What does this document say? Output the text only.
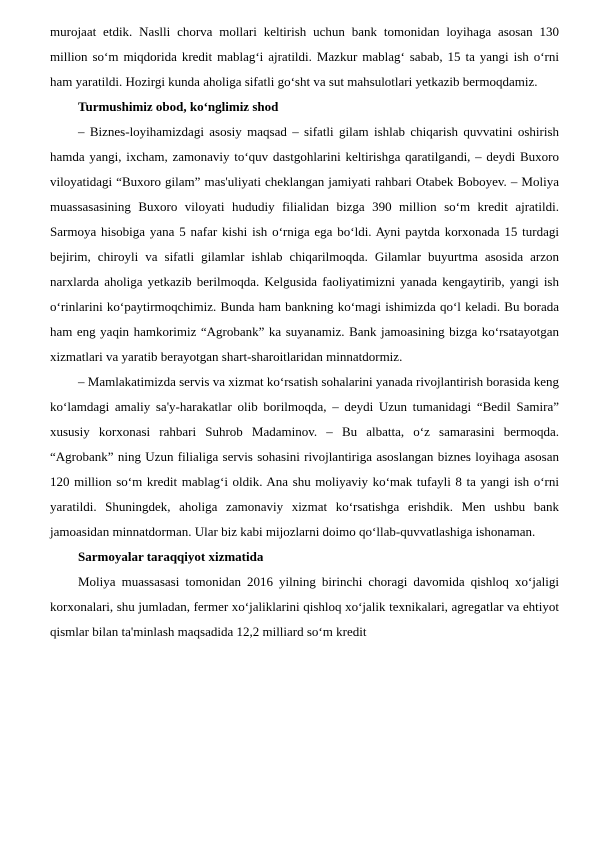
murojaat etdik. Naslli chorva mollari keltirish uchun bank tomonidan loyihaga asosan 130 million so‘m miqdorida kredit mablag‘i ajratildi. Mazkur mablag‘ sabab, 15 ta yangi ish o‘rni ham yaratildi. Hozirgi kunda aholiga sifatli go‘sht va sut mahsulotlari yetkazib bermoqdamiz.

Turmushimiz obod, ko‘nglimiz shod

– Biznes-loyihamizdagi asosiy maqsad – sifatli gilam ishlab chiqarish quvvatini oshirish hamda yangi, ixcham, zamonaviy to‘quv dastgohlarini keltirishga qaratilgandi, – deydi Buxoro viloyatidagi “Buxoro gilam” mas'uliyati cheklangan jamiyati rahbari Otabek Boboyev. – Moliya muassasasining Buxoro viloyati hududiy filialidan bizga 390 million so‘m kredit ajratildi. Sarmoya hisobiga yana 5 nafar kishi ish o‘rniga ega bo‘ldi. Ayni paytda korxonada 15 turdagi bejirim, chiroyli va sifatli gilamlar ishlab chiqarilmoqda. Gilamlar buyurtma asosida arzon narxlarda aholiga yetkazib berilmoqda. Kelgusida faoliyatimizni yanada kengaytirib, yangi ish o‘rinlarini ko‘paytirmoqchimiz. Bunda ham bankning ko‘magi ishimizda qo‘l keladi. Bu borada ham eng yaqin hamkorimiz “Agrobank” ka suyanamiz. Bank jamoasining bizga ko‘rsatayotgan xizmatlari va yaratib berayotgan shart-sharoitlaridan minnatdormiz.

– Mamlakatimizda servis va xizmat ko‘rsatish sohalarini yanada rivojlantirish borasida keng ko‘lamdagi amaliy sa'y-harakatlar olib borilmoqda, – deydi Uzun tumanidagi “Bedil Samira” xususiy korxonasi rahbari Suhrob Madaminov. – Bu albatta, o‘z samarasini bermoqda. “Agrobank” ning Uzun filialiga servis sohasini rivojlantiriga asoslangan biznes loyihaga asosan 120 million so‘m kredit mablag‘i oldik. Ana shu moliyaviy ko‘mak tufayli 8 ta yangi ish o‘rni yaratildi. Shuningdek, aholiga zamonaviy xizmat ko‘rsatishga erishdik. Men ushbu bank jamoasidan minnatdorman. Ular biz kabi mijozlarni doimo qo‘llab-quvvatlashiga ishonaman.

Sarmoyalar taraqqiyot xizmatida

Moliya muassasasi tomonidan 2016 yilning birinchi choragi davomida qishloq xo‘jaligi korxonalari, shu jumladan, fermer xo‘jaliklarini qishloq xo‘jalik texnikalari, agregatlar va ehtiyot qismlar bilan ta'minlash maqsadida 12,2 milliard so‘m kredit
